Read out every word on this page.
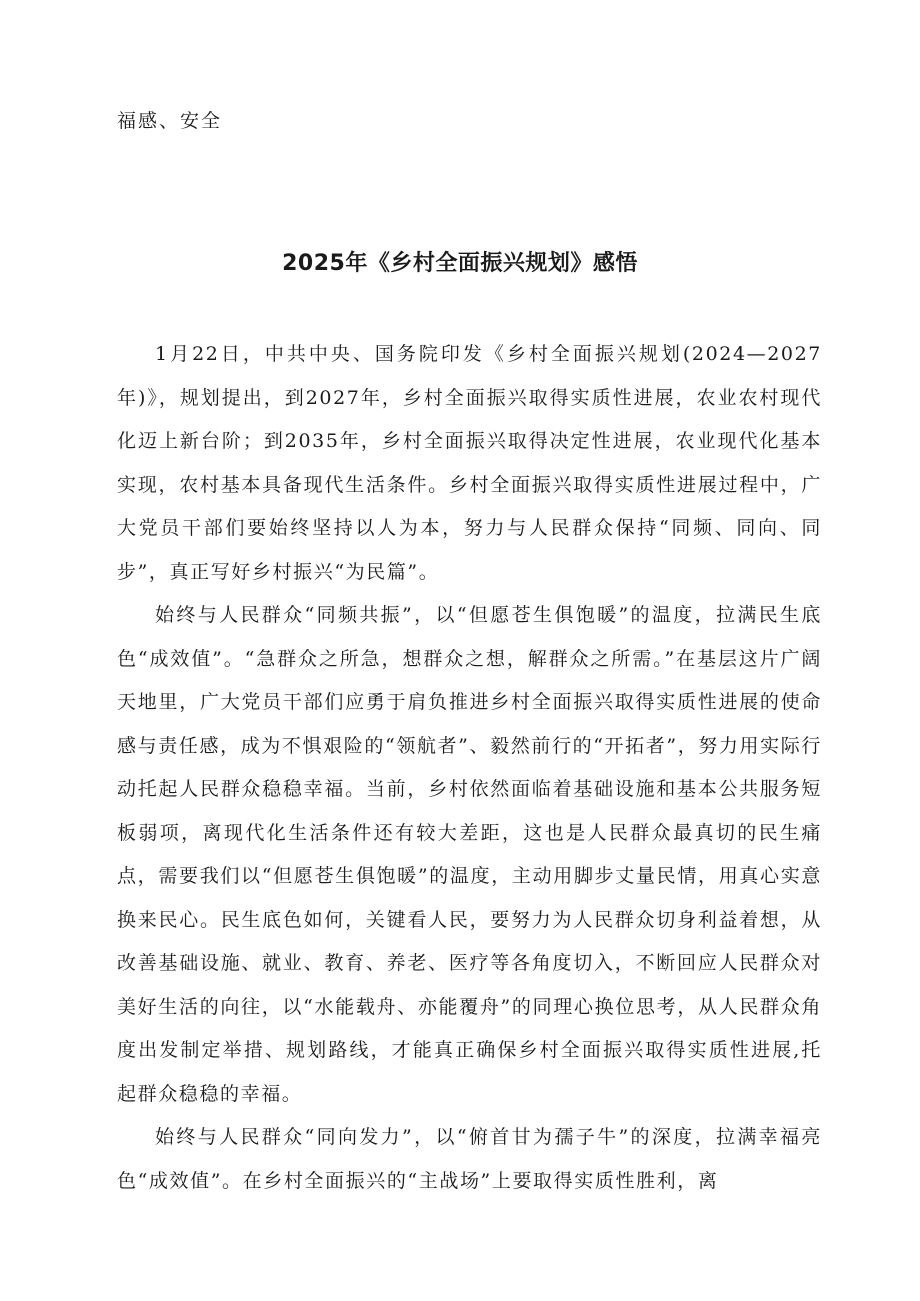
福感、安全

2025年《乡村全面振兴规划》感悟

1月22日，中共中央、国务院印发《乡村全面振兴规划(2024—2027年)》，规划提出，到2027年，乡村全面振兴取得实质性进展，农业农村现代化迈上新台阶；到2035年，乡村全面振兴取得决定性进展，农业现代化基本实现，农村基本具备现代生活条件。乡村全面振兴取得实质性进展过程中，广大党员干部们要始终坚持以人为本，努力与人民群众保持“同频、同向、同步”，真正写好乡村振兴“为民篇”。

始终与人民群众“同频共振”，以“但愿苍生俱饱暖”的温度，拉满民生底色“成效值”。“急群众之所急，想群众之想，解群众之所需。”在基层这片广阔天地里，广大党员干部们应勇于肩负推进乡村全面振兴取得实质性进展的使命感与责任感，成为不惧艰险的“领航者”、毅然前行的“开拓者”，努力用实际行动托起人民群众稳稳幸福。当前，乡村依然面临着基础设施和基本公共服务短板弱项，离现代化生活条件还有较大差距，这也是人民群众最真切的民生痛点，需要我们以“但愿苍生俱饱暖”的温度，主动用脚步丈量民情，用真心实意换来民心。民生底色如何，关键看人民，要努力为人民群众切身利益着想，从改善基础设施、就业、教育、养老、医疗等各角度切入，不断回应人民群众对美好生活的向往，以“水能载舟、亦能覆舟”的同理心换位思考，从人民群众角度出发制定举措、规划路线，才能真正确保乡村全面振兴取得实质性进展,托起群众稳稳的幸福。

始终与人民群众“同向发力”，以“俯首甘为孺子牛”的深度，拉满幸福亮色“成效值”。在乡村全面振兴的“主战场”上要取得实质性胜利，离
